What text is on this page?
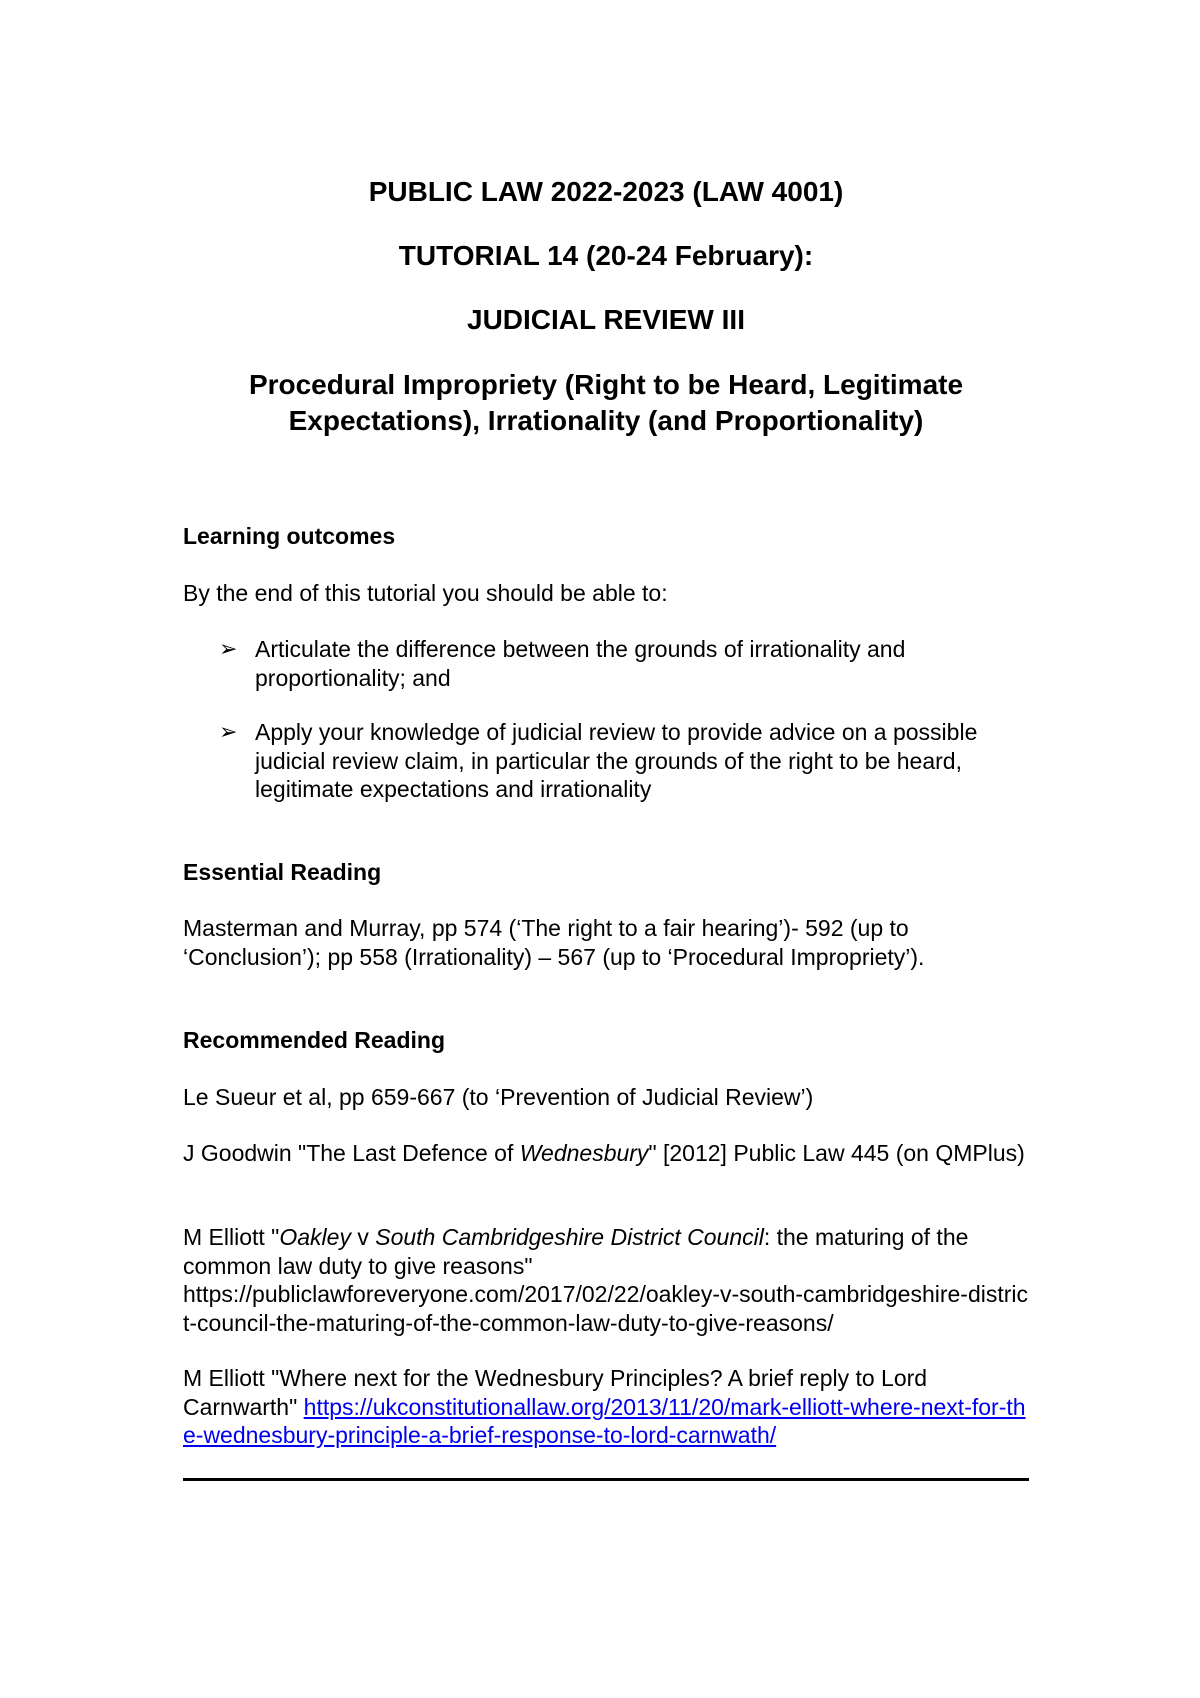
PUBLIC LAW 2022-2023 (LAW 4001)

TUTORIAL 14 (20-24 February):

JUDICIAL REVIEW III

Procedural Impropriety (Right to be Heard, Legitimate Expectations), Irrationality (and Proportionality)

Learning outcomes

By the end of this tutorial you should be able to:

➢ Articulate the difference between the grounds of irrationality and proportionality; and
➢ Apply your knowledge of judicial review to provide advice on a possible judicial review claim, in particular the grounds of the right to be heard, legitimate expectations and irrationality

Essential Reading

Masterman and Murray, pp 574 (‘The right to a fair hearing’)- 592 (up to ‘Conclusion’); pp 558 (Irrationality) – 567 (up to ‘Procedural Impropriety’).

Recommended Reading

Le Sueur et al, pp 659-667 (to ‘Prevention of Judicial Review’)

J Goodwin "The Last Defence of Wednesbury" [2012] Public Law 445 (on QMPlus)

M Elliott "Oakley v South Cambridgeshire District Council: the maturing of the common law duty to give reasons"
https://publiclawforeveryone.com/2017/02/22/oakley-v-south-cambridgeshire-district-council-the-maturing-of-the-common-law-duty-to-give-reasons/

M Elliott "Where next for the Wednesbury Principles? A brief reply to Lord Carnwarth" https://ukconstitutionallaw.org/2013/11/20/mark-elliott-where-next-for-the-wednesbury-principle-a-brief-response-to-lord-carnwath/
